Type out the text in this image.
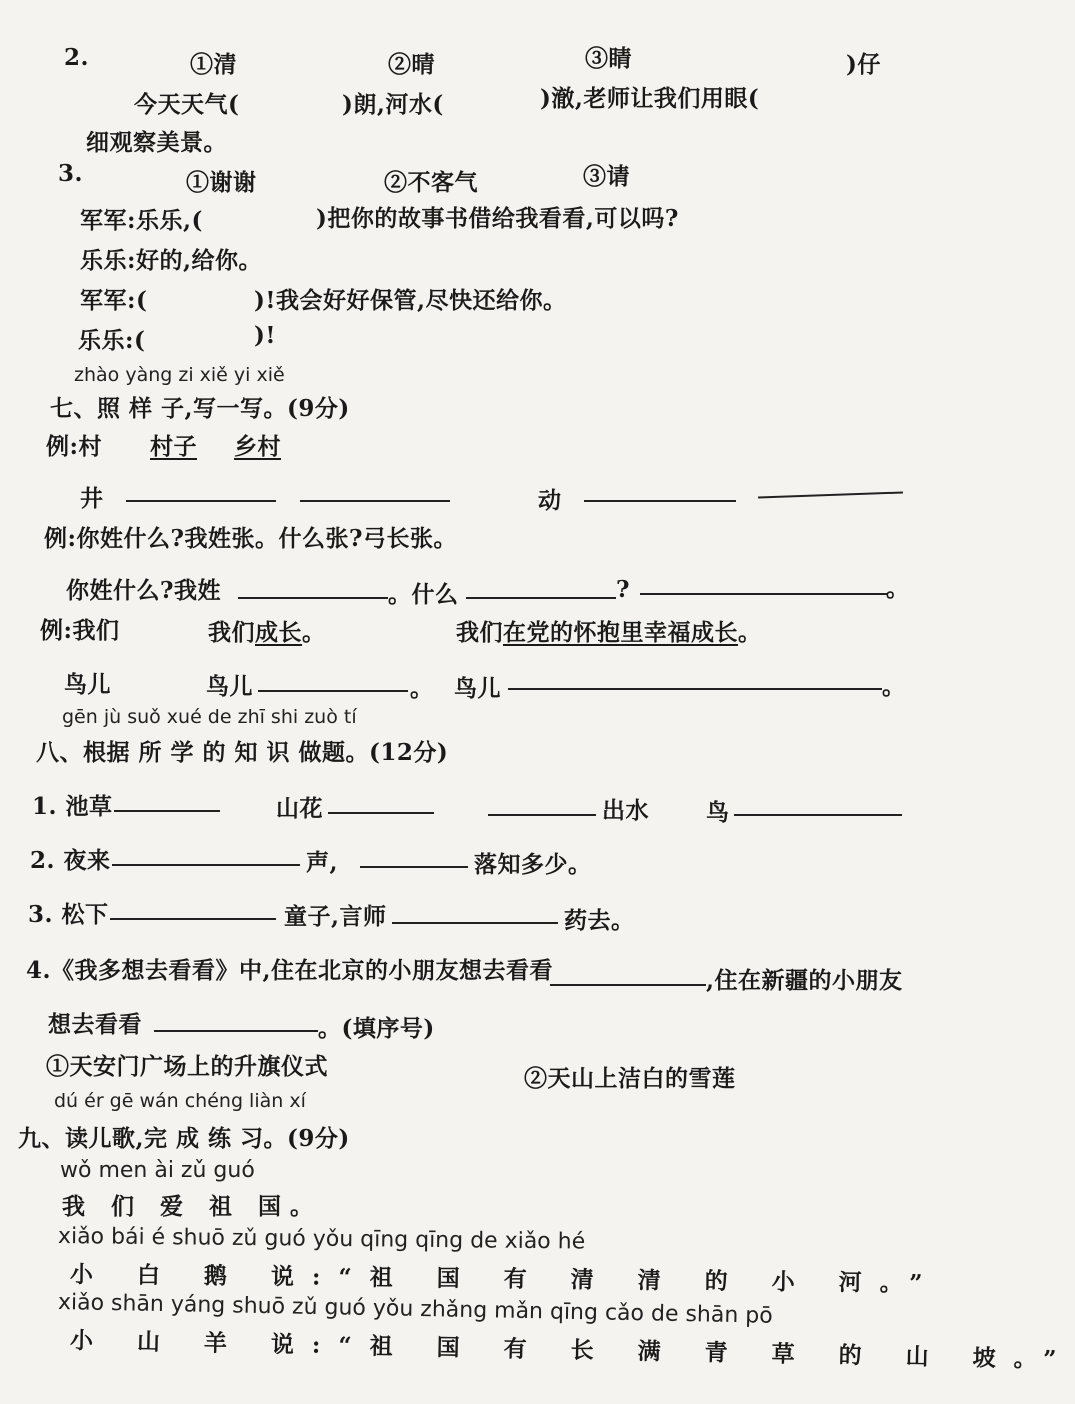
2.	①清	②晴	③睛
今天天气(	)朗,河水(	)澈,老师让我们用眼(
)仔
细观察美景。
3.	①谢谢	②不客气	③请
军军:乐乐,(	)把你的故事书借给我看看,可以吗?
乐乐:好的,给你。
军军:(	)!我会好好保管,尽快还给你。
乐乐:(	)!
zhào yàng zi xiě yi xiě
七、照 样 子,写一写。(9分)
例:村 村子 乡村
井	动
例:你姓什么?我姓张。什么张?弓长张。
你姓什么?我姓	。什么	?	。
例:我们	我们成长。	我们在党的怀抱里幸福成长。
鸟儿	鸟儿	。 鸟儿	。
gēn jù suǒ xué de zhī shi zuò tí
八、根据 所 学 的 知 识 做题。(12分)
1. 池草	山花	出水 鸟
2. 夜来	声,	落知多少。
3. 松下	童子,言师	药去。
4.《我多想去看看》中,住在北京的小朋友想去看看	,住在新疆的小朋友
想去看看	。(填序号)
①天安门广场上的升旗仪式	②天山上洁白的雪莲
dú ér gē wán chéng liàn xí
九、读儿歌,完 成 练 习。(9分)
wǒ men ài zǔ guó
我 们 爱 祖 国。
xiǎo bái é shuō zǔ guó yǒu qīng qīng de xiǎo hé
小 白 鹅 说:“祖 国 有 清 清 的 小 河。”
xiǎo shān yáng shuō zǔ guó yǒu zhǎng mǎn qīng cǎo de shān pō
小 山 羊 说:“祖 国 有 长 满 青 草 的 山 坡。”
